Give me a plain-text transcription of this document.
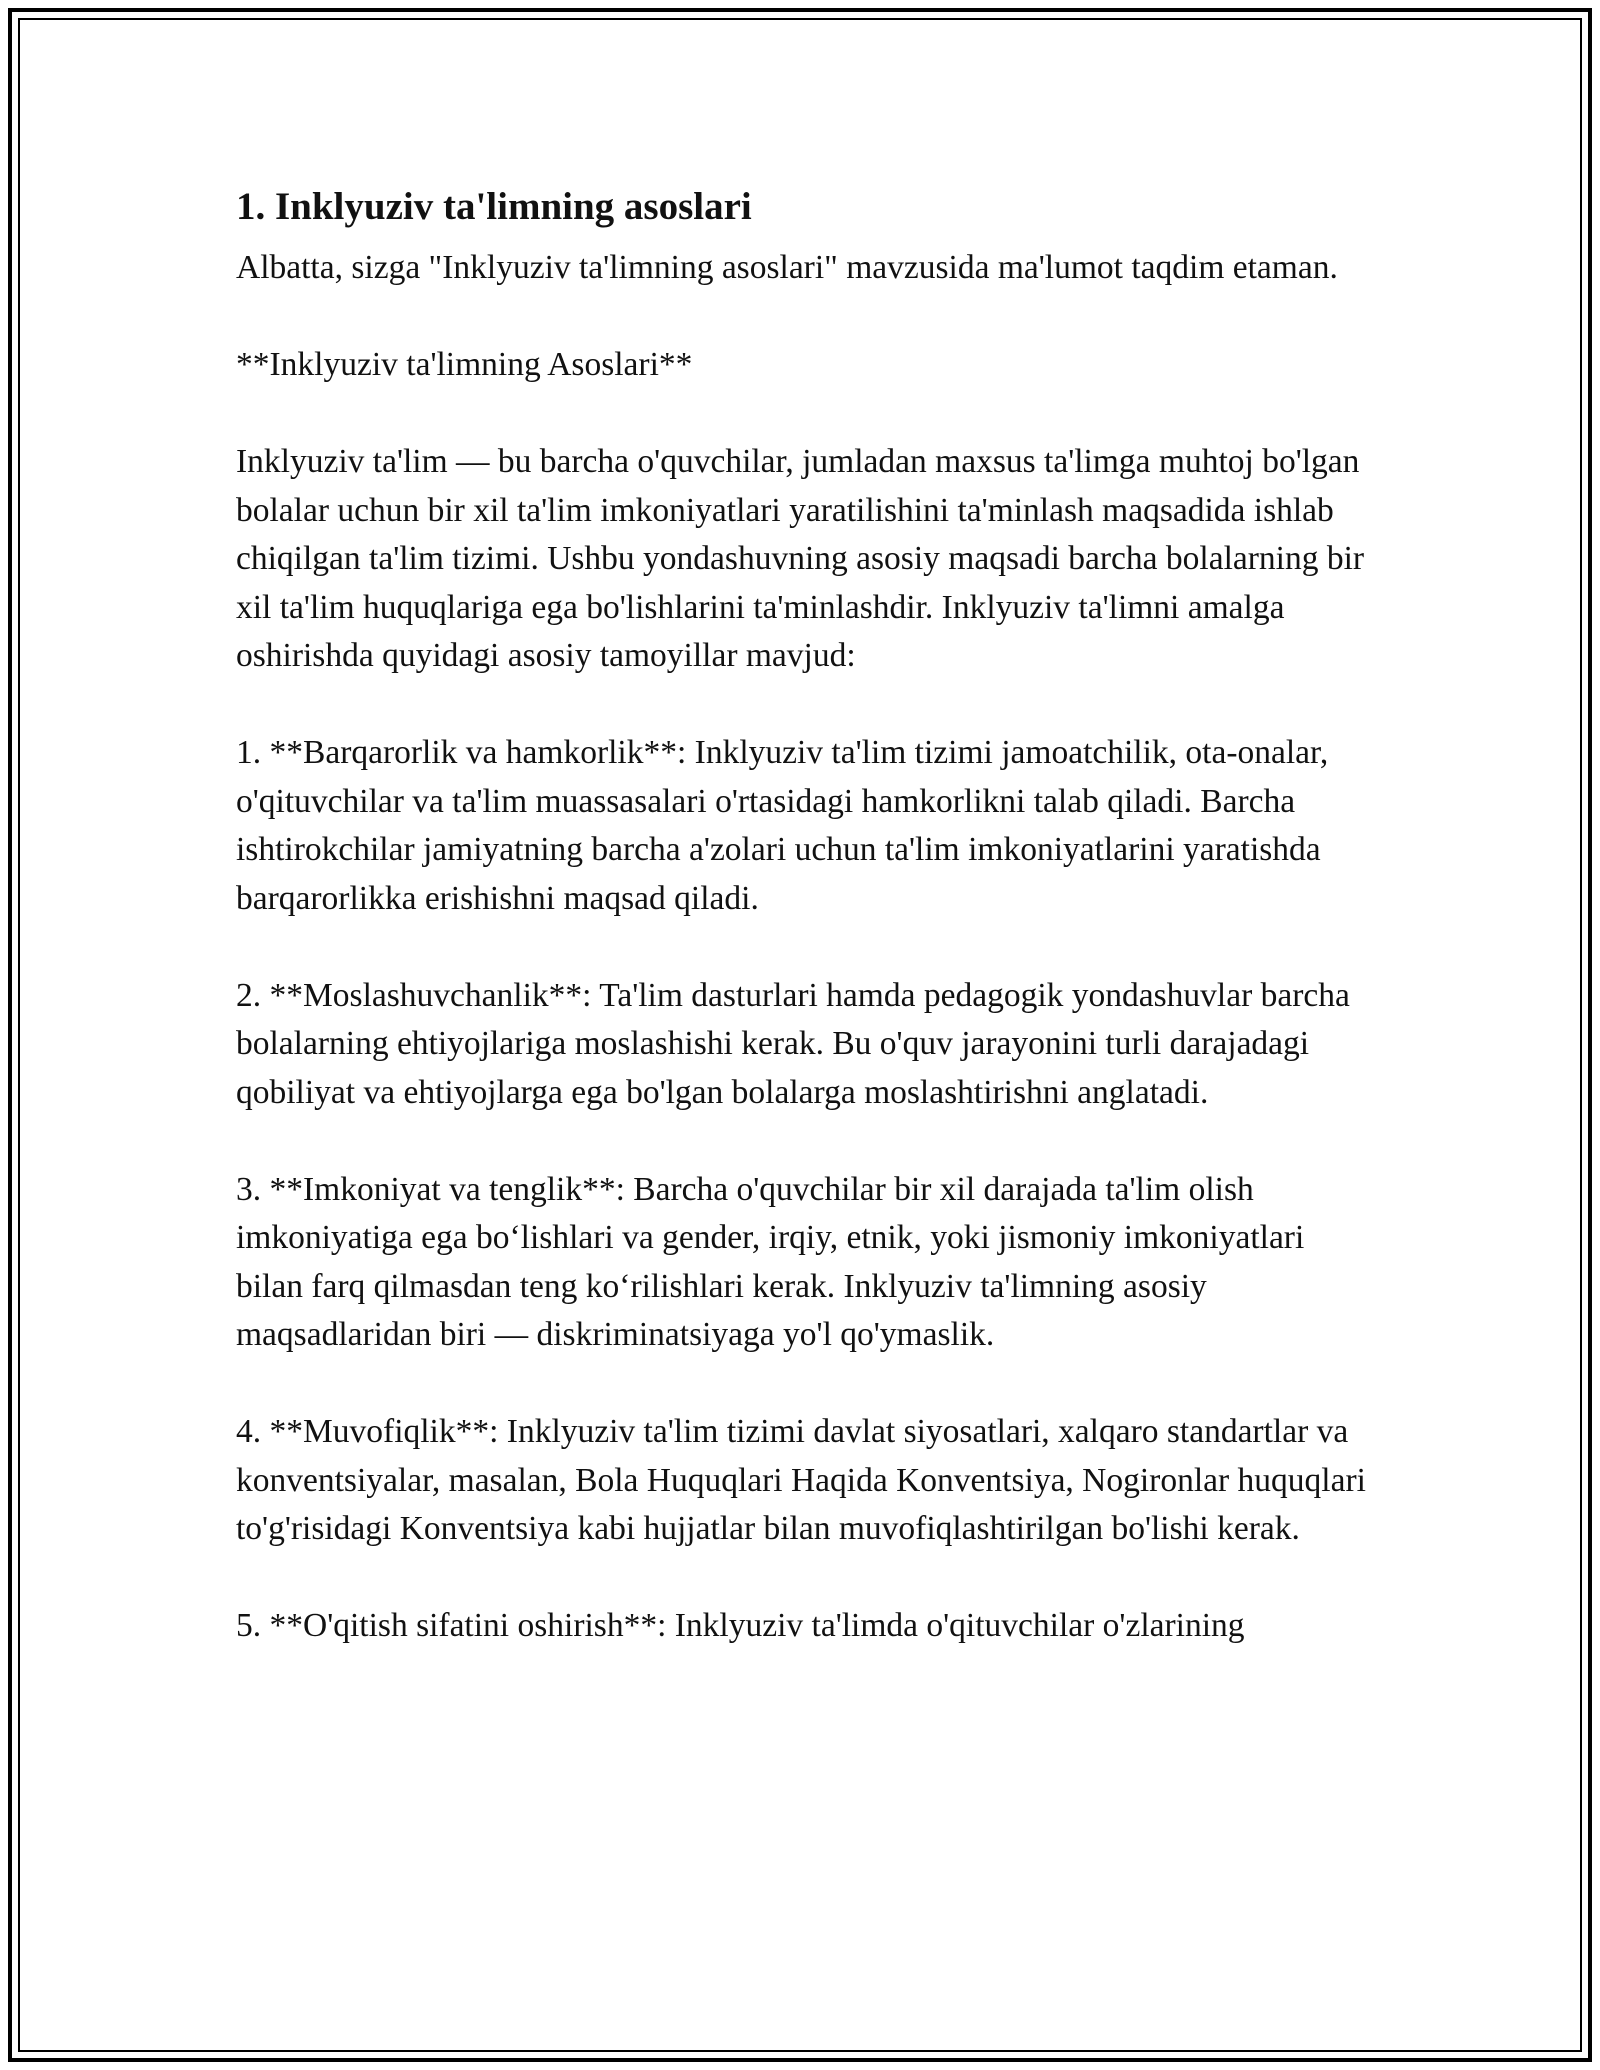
1. Inklyuziv ta'limning asoslari

Albatta, sizga "Inklyuziv ta'limning asoslari" mavzusida ma'lumot taqdim etaman.

**Inklyuziv ta'limning Asoslari**

Inklyuziv ta'lim — bu barcha o'quvchilar, jumladan maxsus ta'limga muhtoj bo'lgan bolalar uchun bir xil ta'lim imkoniyatlari yaratilishini ta'minlash maqsadida ishlab chiqilgan ta'lim tizimi. Ushbu yondashuvning asosiy maqsadi barcha bolalarning bir xil ta'lim huquqlariga ega bo'lishlarini ta'minlashdir. Inklyuziv ta'limni amalga oshirishda quyidagi asosiy tamoyillar mavjud:

1. **Barqarorlik va hamkorlik**: Inklyuziv ta'lim tizimi jamoatchilik, ota-onalar, o'qituvchilar va ta'lim muassasalari o'rtasidagi hamkorlikni talab qiladi. Barcha ishtirokchilar jamiyatning barcha a'zolari uchun ta'lim imkoniyatlarini yaratishda barqarorlikka erishishni maqsad qiladi.

2. **Moslashuvchanlik**: Ta'lim dasturlari hamda pedagogik yondashuvlar barcha bolalarning ehtiyojlariga moslashishi kerak. Bu o'quv jarayonini turli darajadagi qobiliyat va ehtiyojlarga ega bo'lgan bolalarga moslashtirishni anglatadi.

3. **Imkoniyat va tenglik**: Barcha o'quvchilar bir xil darajada ta'lim olish imkoniyatiga ega bo‘lishlari va gender, irqiy, etnik, yoki jismoniy imkoniyatlari bilan farq qilmasdan teng ko‘rilishlari kerak. Inklyuziv ta'limning asosiy maqsadlaridan biri — diskriminatsiyaga yo'l qo'ymaslik.

4. **Muvofiqlik**: Inklyuziv ta'lim tizimi davlat siyosatlari, xalqaro standartlar va konventsiyalar, masalan, Bola Huquqlari Haqida Konventsiya, Nogironlar huquqlari to'g'risidagi Konventsiya kabi hujjatlar bilan muvofiqlashtirilgan bo'lishi kerak.

5. **O'qitish sifatini oshirish**: Inklyuziv ta'limda o'qituvchilar o'zlarining
